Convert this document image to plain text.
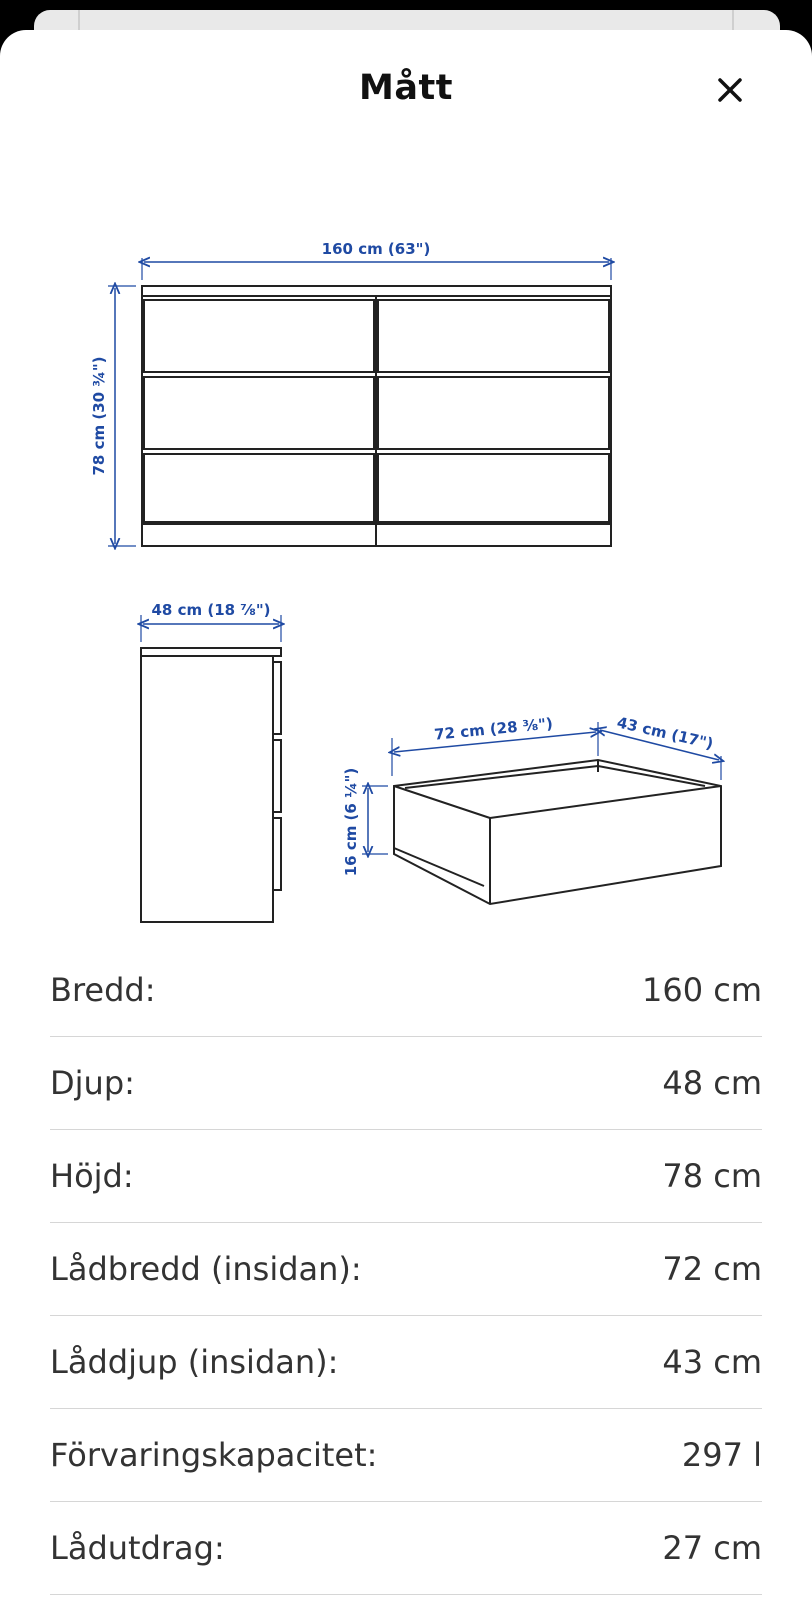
Mått
160 cm (63")
78 cm (30 ¾")
48 cm (18 ⅞")
72 cm (28 ⅜")	43 cm (17")
16 cm (6 ¼")
Bredd:	160 cm
Djup:	48 cm
Höjd:	78 cm
Lådbredd (insidan):	72 cm
Låddjup (insidan):	43 cm
Förvaringskapacitet:	297 l
Lådutdrag:	27 cm
